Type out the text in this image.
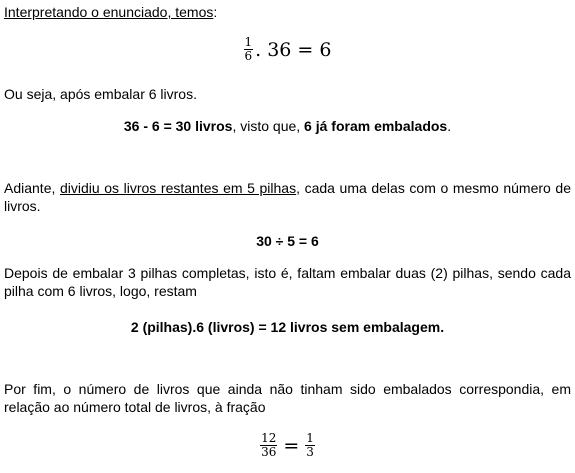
Interpretando o enunciado, temos:
$\frac{1}{6}$ . 36 = 6
Ou seja, após embalar 6 livros.
36 - 6 = 30 livros, visto que, 6 já foram embalados.
Adiante, dividiu os livros restantes em 5 pilhas, cada uma delas com o mesmo número de livros.
30 ÷ 5 = 6
Depois de embalar 3 pilhas completas, isto é, faltam embalar duas (2) pilhas, sendo cada pilha com 6 livros, logo, restam
2 (pilhas).6 (livros) = 12 livros sem embalagem.
Por fim, o número de livros que ainda não tinham sido embalados correspondia, em relação ao número total de livros, à fração
$\frac{12}{36} = \frac{1}{3}$
